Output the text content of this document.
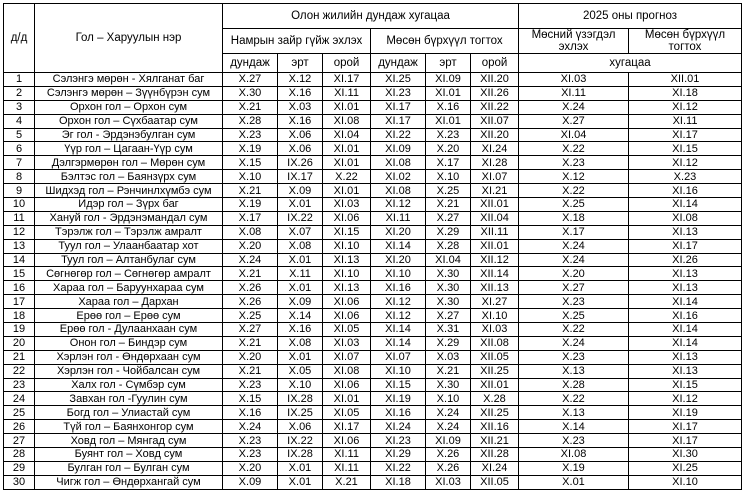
д/д	Гол – Харуулын нэр	Олон жилийн дундаж хугацаа						2025 оны прогноз	
		Намрын зайр гүйж эхлэх			Мөсөн бүрхүүл тогтох			Мөсний үзэгдэл эхлэх	Мөсөн бүрхүүл тогтох
		дундаж	эрт	орой	дундаж	эрт	орой	хугацаа	
1	Сэлэнгэ мөрөн - Хялганат баг	X.27	X.12	XI.17	XI.25	XI.09	XII.20	XI.03	XII.01
2	Сэлэнгэ мөрөн – Зүүнбүрэн сум	X.30	X.16	XI.11	XI.23	XI.01	XII.26	XI.11	XI.18
3	Орхон гол – Орхон сум	X.21	X.03	XI.01	XI.17	X.16	XII.22	X.24	XI.12
4	Орхон гол – Сүхбаатар сум	X.28	X.16	XI.08	XI.17	XI.01	XII.07	X.27	XI.11
5	Эг гол - Эрдэнэбулган сум	X.23	X.06	XI.04	XI.22	X.23	XII.20	XI.04	XI.17
6	Үүр гол – Цагаан-Үүр сум	X.19	X.06	XI.01	XI.09	X.20	XI.24	X.22	XI.15
7	Дэлгэрмөрөн гол – Мөрөн сум	X.15	IX.26	XI.01	XI.08	X.17	XI.28	X.23	XI.12
8	Бэлтэс гол – Баянзүрх сум	X.10	IX.17	X.22	XI.02	X.10	XI.07	X.12	X.23
9	Шидхэд гол – Рэнчинлхүмбэ сум	X.21	X.09	XI.01	XI.08	X.25	XI.21	X.22	XI.16
10	Идэр гол – Зүрх баг	X.19	X.01	XI.03	XI.12	X.21	XII.01	X.25	XI.14
11	Хануй гол - Эрдэнэмандал сум	X.17	IX.22	XI.06	XI.11	X.27	XII.04	X.18	XI.08
12	Тэрэлж гол – Тэрэлж амралт	X.08	X.07	XI.15	XI.20	X.29	XII.11	X.17	XI.13
13	Туул гол – Улаанбаатар хот	X.20	X.08	XI.10	XI.14	X.28	XII.01	X.24	XI.17
14	Туул гол – Алтанбулаг сум	X.24	X.01	XI.13	XI.20	XI.04	XII.12	X.24	XI.26
15	Сөгнөгөр гол – Сөгнөгөр амралт	X.21	X.11	XI.10	XI.10	X.30	XII.14	X.20	XI.13
16	Хараа гол – Баруунхараа сум	X.26	X.01	XI.13	XI.16	X.30	XII.13	X.27	XI.13
17	Хараа гол – Дархан	X.26	X.09	XI.06	XI.12	X.30	XI.27	X.23	XI.14
18	Ерөө гол – Ерөө сум	X.25	X.14	XI.06	XI.12	X.27	XI.10	X.25	XI.16
19	Ерөө гол - Дулаанхаан сум	X.27	X.16	XI.05	XI.14	X.31	XI.03	X.22	XI.14
20	Онон гол – Биндэр сум	X.21	X.08	XI.03	XI.14	X.29	XII.08	X.24	XI.14
21	Хэрлэн гол - Өндөрхаан сум	X.20	X.01	XI.07	XI.07	X.03	XII.05	X.23	XI.13
22	Хэрлэн гол - Чойбалсан сум	X.21	X.05	XI.08	XI.10	X.21	XII.25	X.13	XI.13
23	Халх гол - Сүмбэр сум	X.23	X.10	XI.06	XI.15	X.30	XII.01	X.28	XI.15
24	Завхан гол -Гуулин сум	X.15	IX.28	XI.01	XI.19	X.10	X.28	X.22	XI.12
25	Богд гол – Улиастай сум	X.16	IX.25	XI.05	XI.16	X.24	XII.25	X.13	XI.19
26	Түй гол – Баянхонгор сум	X.24	X.06	XI.17	XI.24	X.24	XII.16	X.14	XI.17
27	Ховд гол – Мянгад сум	X.23	IX.22	XI.06	XI.23	XI.09	XII.21	X.23	XI.17
28	Буянт гол – Ховд сум	X.23	IX.28	XI.11	XI.29	X.26	XII.28	XI.08	XI.30
29	Булган гол – Булган сум	X.20	X.01	XI.11	XI.22	X.26	XI.24	X.19	XI.25
30	Чигж гол – Өндөрхангай сум	X.09	X.01	X.21	XI.18	XI.03	XII.05	X.01	XI.10
